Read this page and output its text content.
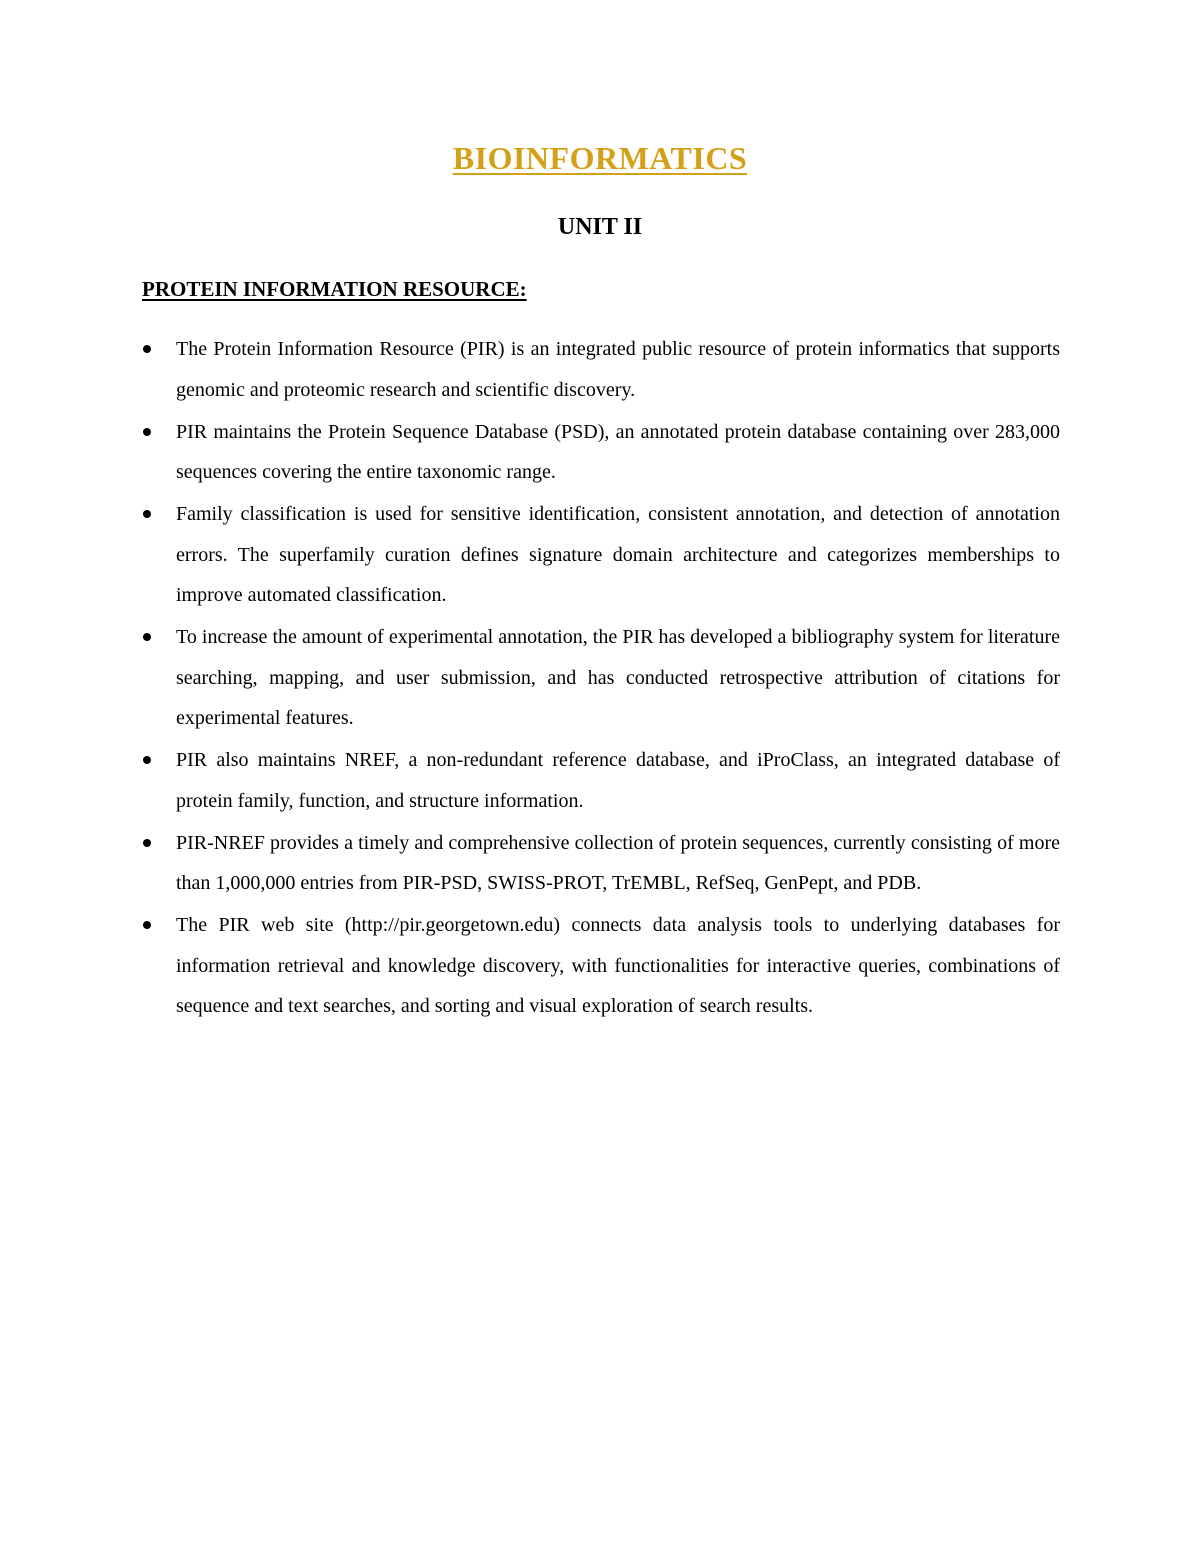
BIOINFORMATICS
UNIT II
PROTEIN INFORMATION RESOURCE:
The Protein Information Resource (PIR) is an integrated public resource of protein informatics that supports genomic and proteomic research and scientific discovery.
PIR maintains the Protein Sequence Database (PSD), an annotated protein database containing over 283,000 sequences covering the entire taxonomic range.
Family classification is used for sensitive identification, consistent annotation, and detection of annotation errors. The superfamily curation defines signature domain architecture and categorizes memberships to improve automated classification.
To increase the amount of experimental annotation, the PIR has developed a bibliography system for literature searching, mapping, and user submission, and has conducted retrospective attribution of citations for experimental features.
PIR also maintains NREF, a non-redundant reference database, and iProClass, an integrated database of protein family, function, and structure information.
PIR-NREF provides a timely and comprehensive collection of protein sequences, currently consisting of more than 1,000,000 entries from PIR-PSD, SWISS-PROT, TrEMBL, RefSeq, GenPept, and PDB.
The PIR web site (http://pir.georgetown.edu) connects data analysis tools to underlying databases for information retrieval and knowledge discovery, with functionalities for interactive queries, combinations of sequence and text searches, and sorting and visual exploration of search results.
